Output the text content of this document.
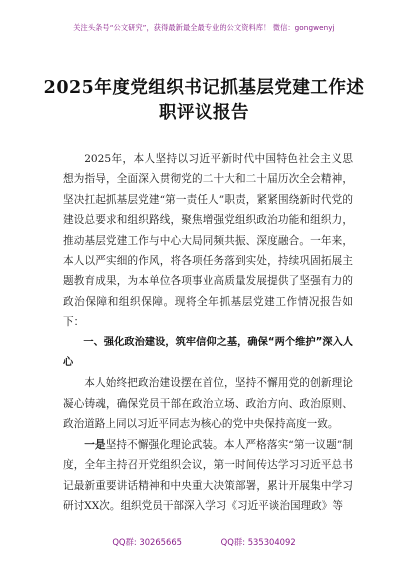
关注头条号“公文研究”，获得最新最全最专业的公文资料库！ 微信：gongwenyj
2025年度党组织书记抓基层党建工作述
职评议报告

2025年，本人坚持以习近平新时代中国特色社会主义思想为指导，全面深入贯彻党的二十大和二十届历次全会精神，坚决扛起抓基层党建“第一责任人”职责，紧紧围绕新时代党的建设总要求和组织路线，聚焦增强党组织政治功能和组织力，推动基层党建工作与中心大局同频共振、深度融合。一年来，本人以严实细的作风，将各项任务落到实处，持续巩固拓展主题教育成果，为本单位各项事业高质量发展提供了坚强有力的政治保障和组织保障。现将全年抓基层党建工作情况报告如下：

一、强化政治建设，筑牢信仰之基，确保“两个维护”深入人心

本人始终把政治建设摆在首位，坚持不懈用党的创新理论凝心铸魂，确保党员干部在政治立场、政治方向、政治原则、政治道路上同以习近平同志为核心的党中央保持高度一致。

一是坚持不懈强化理论武装。本人严格落实“第一议题”制度，全年主持召开党组织会议，第一时间传达学习习近平总书记最新重要讲话精神和中央重大决策部署，累计开展集中学习研讨XX次。组织党员干部深入学习《习近平谈治国理政》等

QQ群: 30265665	QQ群: 535304092
